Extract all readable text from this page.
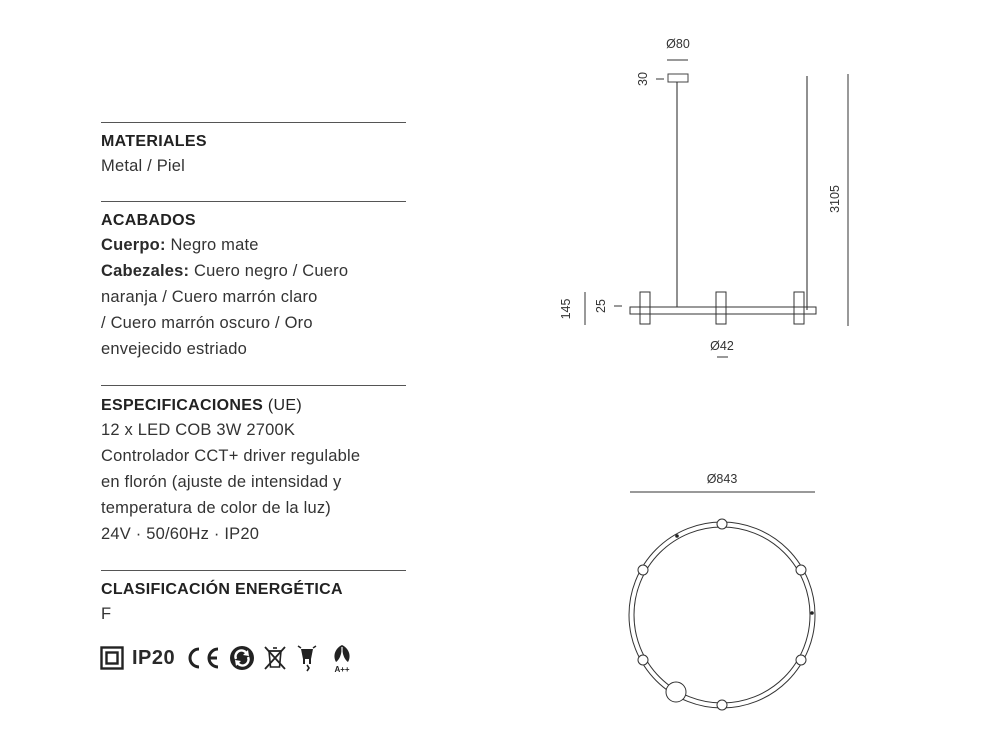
MATERIALES
Metal / Piel
ACABADOS
Cuerpo: Negro mate
Cabezales: Cuero negro / Cuero
naranja / Cuero marrón claro
/ Cuero marrón oscuro / Oro
envejecido estriado
ESPECIFICACIONES (UE)
12 x LED COB 3W 2700K
Controlador CCT+ driver regulable
en florón (ajuste de intensidad y
temperatura de color de la luz)
24V · 50/60Hz · IP20
CLASIFICACIÓN ENERGÉTICA
F
IP20
A++
Ø80
30
3105
145 25
Ø42
Ø843
